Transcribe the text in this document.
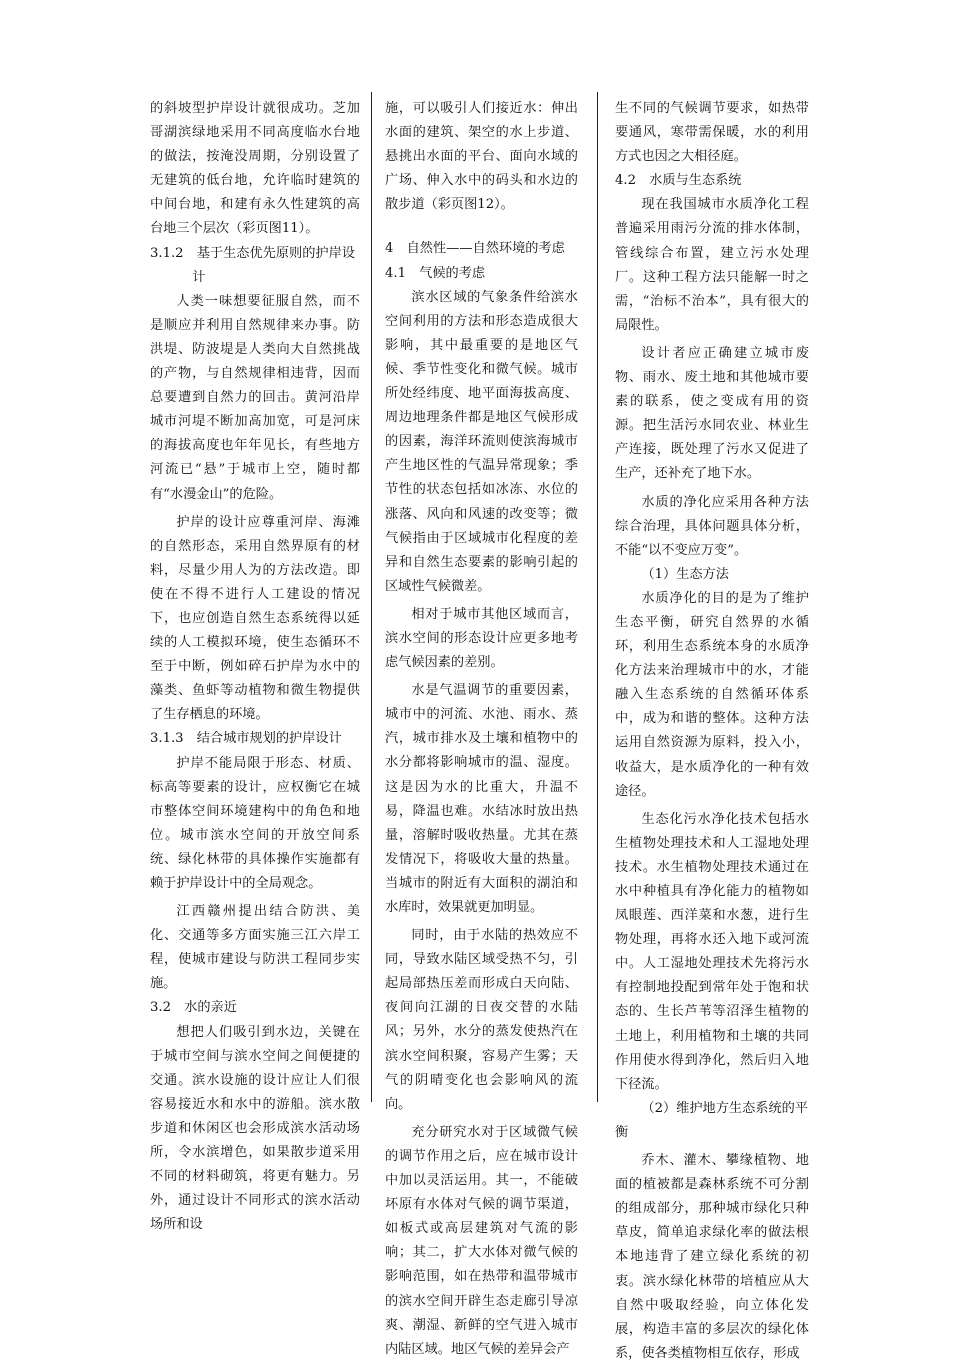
的斜坡型护岸设计就很成功。芝加哥湖滨绿地采用不同高度临水台地的做法，按淹没周期，分别设置了无建筑的低台地，允许临时建筑的中间台地，和建有永久性建筑的高台地三个层次（彩页图11）。

3.1.2　基于生态优先原则的护岸设计

人类一味想要征服自然，而不是顺应并利用自然规律来办事。防洪堤、防波堤是人类向大自然挑战的产物，与自然规律相违背，因而总要遭到自然力的回击。黄河沿岸城市河堤不断加高加宽，可是河床的海拔高度也年年见长，有些地方河流已“悬”于城市上空，随时都有“水漫金山”的危险。

护岸的设计应尊重河岸、海滩的自然形态，采用自然界原有的材料，尽量少用人为的方法改造。即使在不得不进行人工建设的情况下，也应创造自然生态系统得以延续的人工模拟环境，使生态循环不至于中断，例如碎石护岸为水中的藻类、鱼虾等动植物和微生物提供了生存栖息的环境。

3.1.3　结合城市规划的护岸设计

护岸不能局限于形态、材质、标高等要素的设计，应权衡它在城市整体空间环境建构中的角色和地位。城市滨水空间的开放空间系统、绿化林带的具体操作实施都有赖于护岸设计中的全局观念。

江西赣州提出结合防洪、美化、交通等多方面实施三江六岸工程，使城市建设与防洪工程同步实施。

3.2　水的亲近

想把人们吸引到水边，关键在于城市空间与滨水空间之间便捷的交通。滨水设施的设计应让人们很容易接近水和水中的游船。滨水散步道和休闲区也会形成滨水活动场所，令水滨增色，如果散步道采用不同的材料砌筑，将更有魅力。另外，通过设计不同形式的滨水活动场所和设

施，可以吸引人们接近水：伸出水面的建筑、架空的水上步道、悬挑出水面的平台、面向水域的广场、伸入水中的码头和水边的散步道（彩页图12）。

4　自然性——自然环境的考虑
4.1　气候的考虑

滨水区域的气象条件给滨水空间利用的方法和形态造成很大影响，其中最重要的是地区气候、季节性变化和微气候。城市所处经纬度、地平面海拔高度、周边地理条件都是地区气候形成的因素，海洋环流则使滨海城市产生地区性的气温异常现象；季节性的状态包括如冰冻、水位的涨落、风向和风速的改变等；微气候指由于区域城市化程度的差异和自然生态要素的影响引起的区域性气候微差。

相对于城市其他区域而言，滨水空间的形态设计应更多地考虑气候因素的差别。

水是气温调节的重要因素，城市中的河流、水池、雨水、蒸汽，城市排水及土壤和植物中的水分都将影响城市的温、湿度。这是因为水的比重大，升温不易，降温也难。水结冰时放出热量，溶解时吸收热量。尤其在蒸发情况下，将吸收大量的热量。当城市的附近有大面积的湖泊和水库时，效果就更加明显。

同时，由于水陆的热效应不同，导致水陆区域受热不匀，引起局部热压差而形成白天向陆、夜间向江湖的日夜交替的水陆风；另外，水分的蒸发使热汽在滨水空间积聚，容易产生雾；天气的阴晴变化也会影响风的流向。

充分研究水对于区域微气候的调节作用之后，应在城市设计中加以灵活运用。其一，不能破坏原有水体对气候的调节渠道，如板式或高层建筑对气流的影响；其二，扩大水体对微气候的影响范围，如在热带和温带城市的滨水空间开辟生态走廊引导凉爽、潮湿、新鲜的空气进入城市内陆区域。地区气候的差异会产

生不同的气候调节要求，如热带要通风，寒带需保暖，水的利用方式也因之大相径庭。

4.2　水质与生态系统

现在我国城市水质净化工程普遍采用雨污分流的排水体制，管线综合布置，建立污水处理厂。这种工程方法只能解一时之需，“治标不治本”，具有很大的局限性。

设计者应正确建立城市废物、雨水、废土地和其他城市要素的联系，使之变成有用的资源。把生活污水同农业、林业生产连接，既处理了污水又促进了生产，还补充了地下水。

水质的净化应采用各种方法综合治理，具体问题具体分析，不能“以不变应万变”。

（1）生态方法

水质净化的目的是为了维护生态平衡，研究自然界的水循环，利用生态系统本身的水质净化方法来治理城市中的水，才能融入生态系统的自然循环体系中，成为和谐的整体。这种方法运用自然资源为原料，投入小，收益大，是水质净化的一种有效途径。

生态化污水净化技术包括水生植物处理技术和人工湿地处理技术。水生植物处理技术通过在水中种植具有净化能力的植物如凤眼莲、西洋菜和水葱，进行生物处理，再将水还入地下或河流中。人工湿地处理技术先将污水有控制地投配到常年处于饱和状态的、生长芦苇等沼泽生植物的土地上，利用植物和土壤的共同作用使水得到净化，然后归入地下径流。

（2）维护地方生态系统的平衡

乔木、灌木、攀缘植物、地面的植被都是森林系统不可分割的组成部分，那种城市绿化只种草皮，简单追求绿化率的做法根本地违背了建立绿化系统的初衷。滨水绿化林带的培植应从大自然中吸取经验，向立体化发展，构造丰富的多层次的绿化体系，使各类植物相互依存，形成
